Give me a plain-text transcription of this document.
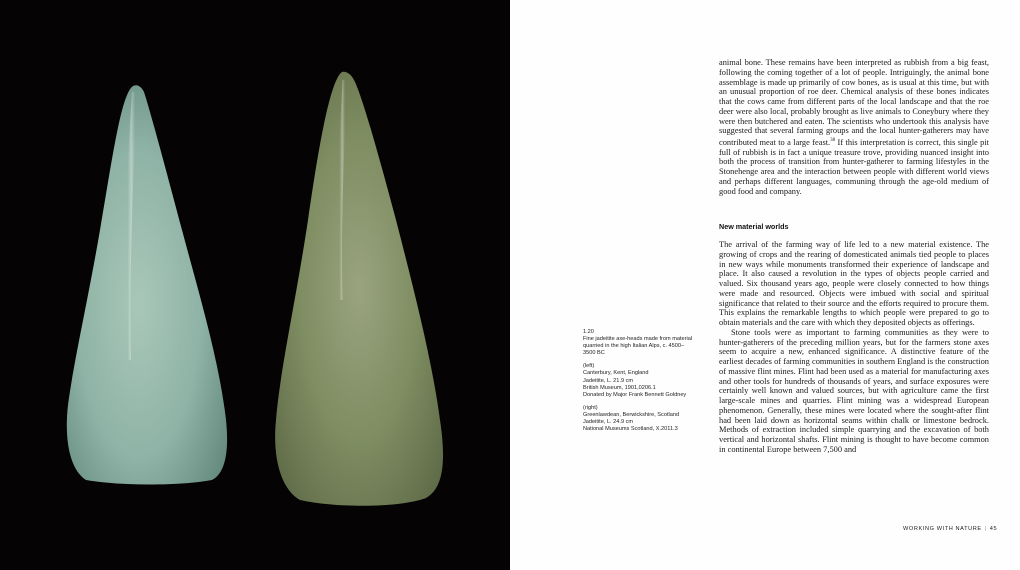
1.20

Fine jadeitite axe-heads made from material quarried in the high Italian Alps, c. 4500–3500 BC

(left)

Canterbury, Kent, England

Jadeitite, L. 21.9 cm

British Museum, 1901,0206.1

Donated by Major Frank Bennett Goldney

(right)

Greenlawdean, Berwickshire, Scotland

Jadeitite, L. 24.9 cm

National Museums Scotland, X.2011.3

animal bone. These remains have been interpreted as rubbish from a big feast, following the coming together of a lot of people. Intriguingly, the animal bone assemblage is made up primarily of cow bones, as is usual at this time, but with an unusual proportion of roe deer. Chemical analysis of these bones indicates that the cows came from different parts of the local landscape and that the roe deer were also local, probably brought as live animals to Coneybury where they were then butchered and eaten. The scientists who undertook this analysis have suggested that several farming groups and the local hunter-gatherers may have contributed meat to a large feast.$^{38}$ If this interpretation is correct, this single pit full of rubbish is in fact a unique treasure trove, providing nuanced insight into both the process of transition from hunter-gatherer to farming lifestyles in the Stonehenge area and the interaction between people with different world views and perhaps different languages, communing through the age-old medium of good food and company.

New material worlds

The arrival of the farming way of life led to a new material existence. The growing of crops and the rearing of domesticated animals tied people to places in new ways while monuments transformed their experience of landscape and place. It also caused a revolution in the types of objects people carried and valued. Six thousand years ago, people were closely connected to how things were made and resourced. Objects were imbued with social and spiritual significance that related to their source and the efforts required to procure them. This explains the remarkable lengths to which people were prepared to go to obtain materials and the care with which they deposited objects as offerings.

Stone tools were as important to farming communities as they were to hunter-gatherers of the preceding million years, but for the farmers stone axes seem to acquire a new, enhanced significance. A distinctive feature of the earliest decades of farming communities in southern England is the construction of massive flint mines. Flint had been used as a material for manufacturing axes and other tools for hundreds of thousands of years, and surface exposures were certainly well known and valued sources, but with agriculture came the first large-scale mines and quarries. Flint mining was a widespread European phenomenon. Generally, these mines were located where the sought-after flint had been laid down as horizontal seams within chalk or limestone bedrock. Methods of extraction included simple quarrying and the excavation of both vertical and horizontal shafts. Flint mining is thought to have become common in continental Europe between 7,500 and

WORKING WITH NATURE | 45
